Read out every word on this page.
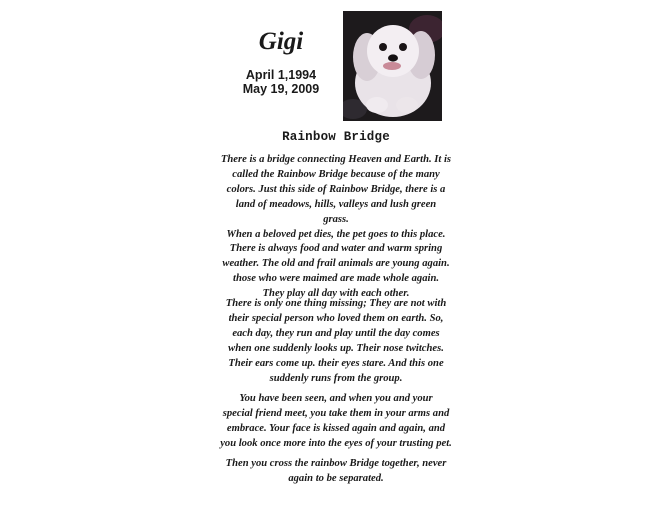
Gigi
April 1,1994
May 19, 2009
Rainbow Bridge

There is a bridge connecting Heaven and Earth. It is
called the Rainbow Bridge because of the many
colors. Just this side of Rainbow Bridge, there is a
land of meadows, hills, valleys and lush green
grass.
When a beloved pet dies, the pet goes to this place.
There is always food and water and warm spring
weather. The old and frail animals are young again.
those who were maimed are made whole again.
They play all day with each other.

There is only one thing missing; They are not with
their special person who loved them on earth. So,
each day, they run and play until the day comes
when one suddenly looks up. Their nose twitches.
Their ears come up. their eyes stare. And this one
suddenly runs from the group.

You have been seen, and when you and your
special friend meet, you take them in your arms and
embrace. Your face is kissed again and again, and
you look once more into the eyes of your trusting pet.

Then you cross the rainbow Bridge together, never
again to be separated.
